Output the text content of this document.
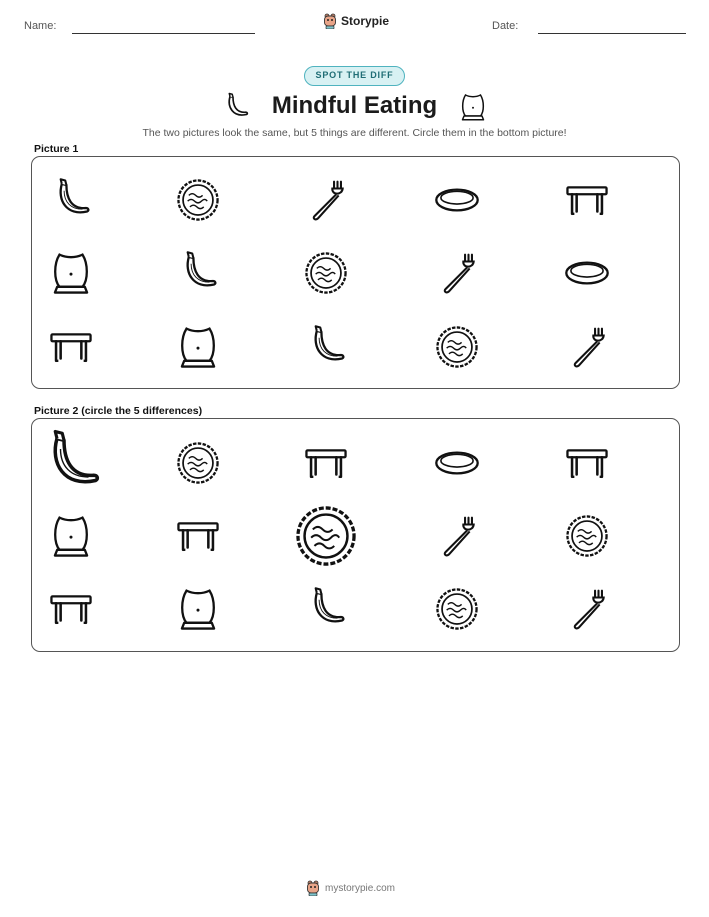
Name:	Storypie	Date:
SPOT THE DIFF
Mindful Eating
The two pictures look the same, but 5 things are different. Circle them in the bottom picture!
Picture 1
Picture 2 (circle the 5 differences)
mystorypie.com
